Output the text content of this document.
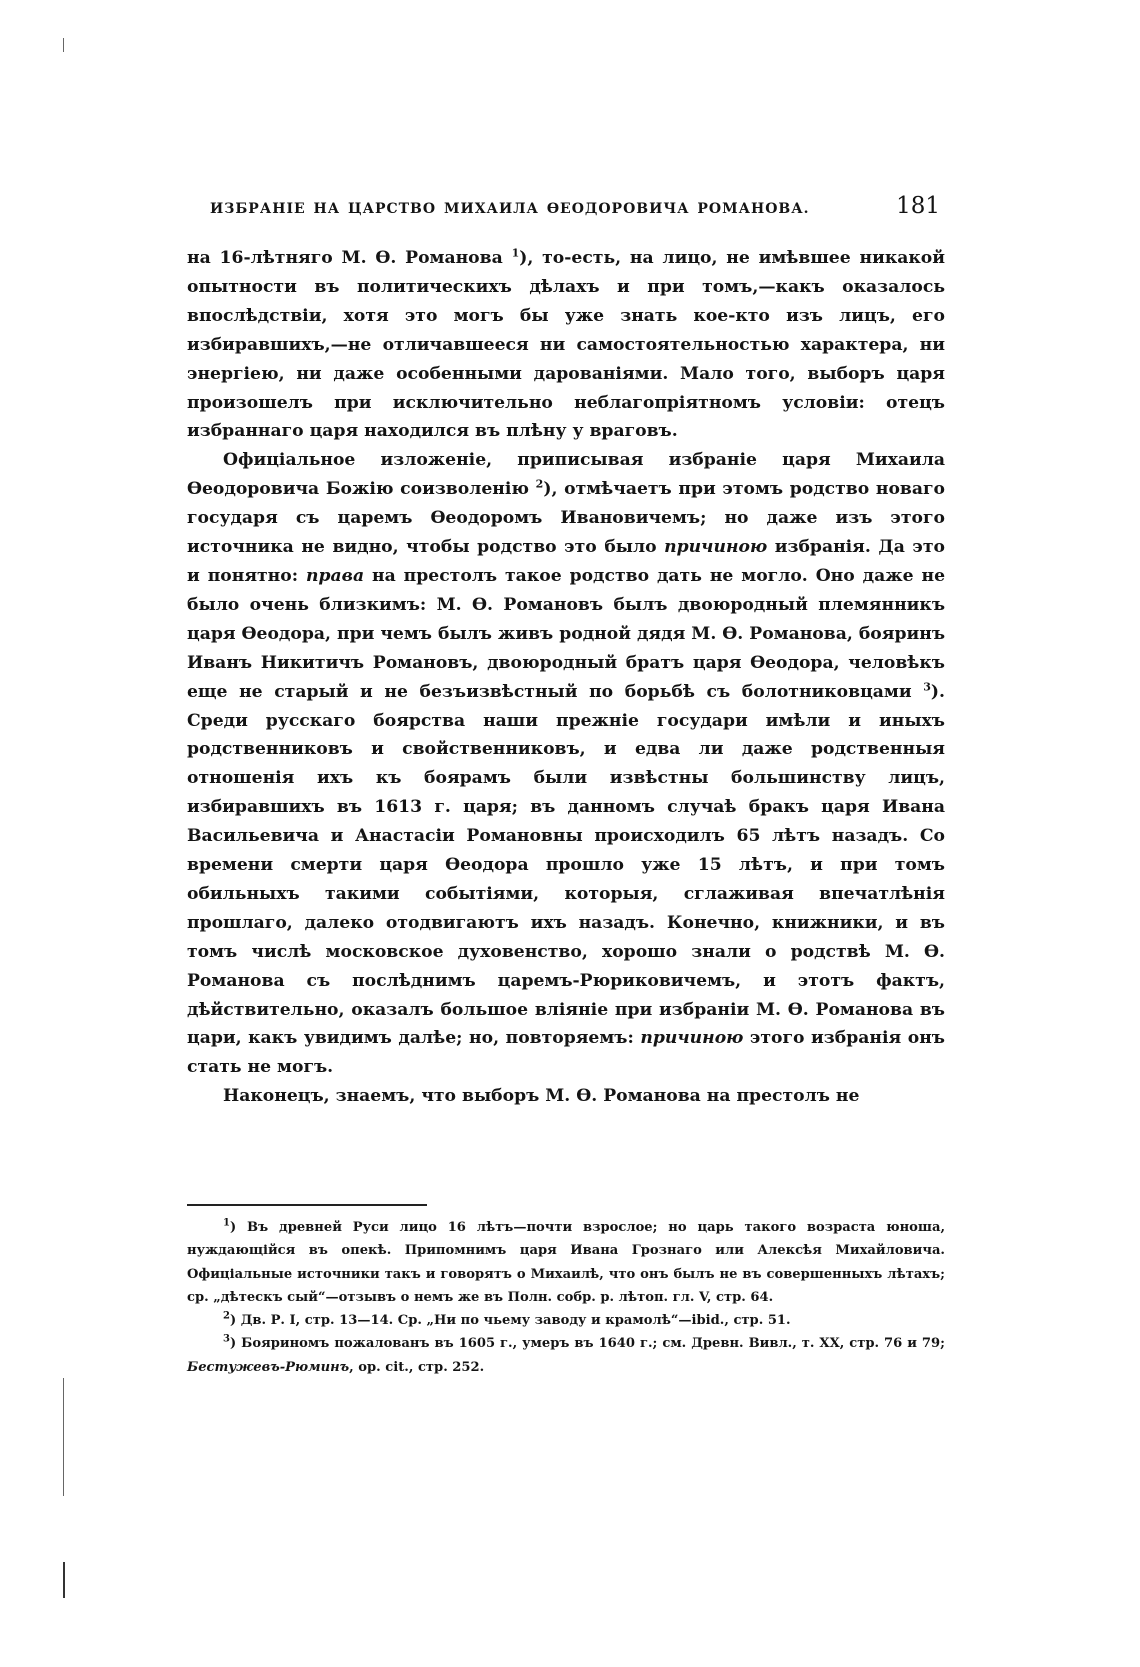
ИЗБРАНІЕ НА ЦАРСТВО МИХАИЛА ѲЕОДОРОВИЧА РОМАНОВА.	181

на 16-лѣтняго М. Ѳ. Романова $^1$), то-есть, на лицо, не имѣвшее никакой опытности въ политическихъ дѣлахъ и при томъ,—какъ оказалось впослѣдствіи, хотя это могъ бы уже знать кое-кто изъ лицъ, его избиравшихъ,—не отличавшееся ни самостоятельностью характера, ни энергіею, ни даже особенными дарованіями. Мало того, выборъ царя произошелъ при исключительно неблагопріятномъ условіи: отецъ избраннаго царя находился въ плѣну у враговъ.

Офиціальное изложеніе, приписывая избраніе царя Михаила Ѳеодоровича Божію соизволенію $^2$), отмѣчаетъ при этомъ родство новаго государя съ царемъ Ѳеодоромъ Ивановичемъ; но даже изъ этого источника не видно, чтобы родство это было причиною избранія. Да это и понятно: права на престолъ такое родство дать не могло. Оно даже не было очень близкимъ: М. Ѳ. Романовъ былъ двоюродный племянникъ царя Ѳеодора, при чемъ былъ живъ родной дядя М. Ѳ. Романова, бояринъ Иванъ Никитичъ Романовъ, двоюродный братъ царя Ѳеодора, человѣкъ еще не старый и не безъизвѣстный по борьбѣ съ болотниковцами $^3$). Среди русскаго боярства наши прежніе государи имѣли и иныхъ родственниковъ и свойственниковъ, и едва ли даже родственныя отношенія ихъ къ боярамъ были извѣстны большинству лицъ, избиравшихъ въ 1613 г. царя; въ данномъ случаѣ бракъ царя Ивана Васильевича и Анастасіи Романовны происходилъ 65 лѣтъ назадъ. Со времени смерти царя Ѳеодора прошло уже 15 лѣтъ, и при томъ обильныхъ такими событіями, которыя, сглаживая впечатлѣнія прошлаго, далеко отодвигаютъ ихъ назадъ. Конечно, книжники, и въ томъ числѣ московское духовенство, хорошо знали о родствѣ М. Ѳ. Романова съ послѣднимъ царемъ-Рюриковичемъ, и этотъ фактъ, дѣйствительно, оказалъ большое вліяніе при избраніи М. Ѳ. Романова въ цари, какъ увидимъ далѣе; но, повторяемъ: причиною этого избранія онъ стать не могъ.

Наконецъ, знаемъ, что выборъ М. Ѳ. Романова на престолъ не

$^1$) Въ древней Руси лицо 16 лѣтъ—почти взрослое; но царь такого возраста юноша, нуждающійся въ опекѣ. Припомнимъ царя Ивана Грознаго или Алексѣя Михайловича. Офиціальные источники такъ и говорятъ о Михаилѣ, что онъ былъ не въ совершенныхъ лѣтахъ; ср. „дѣтескъ сый“—отзывъ о немъ же въ Полн. собр. р. лѣтоп. гл. V, стр. 64.

$^2$) Дв. Р. I, стр. 13—14. Ср. „Ни по чьему заводу и крамолѣ“—ibid., стр. 51.

$^3$) Бояриномъ пожалованъ въ 1605 г., умеръ въ 1640 г.; см. Древн. Вивл., т. XX, стр. 76 и 79; Бестужевъ-Рюминъ, op. cit., стр. 252.
